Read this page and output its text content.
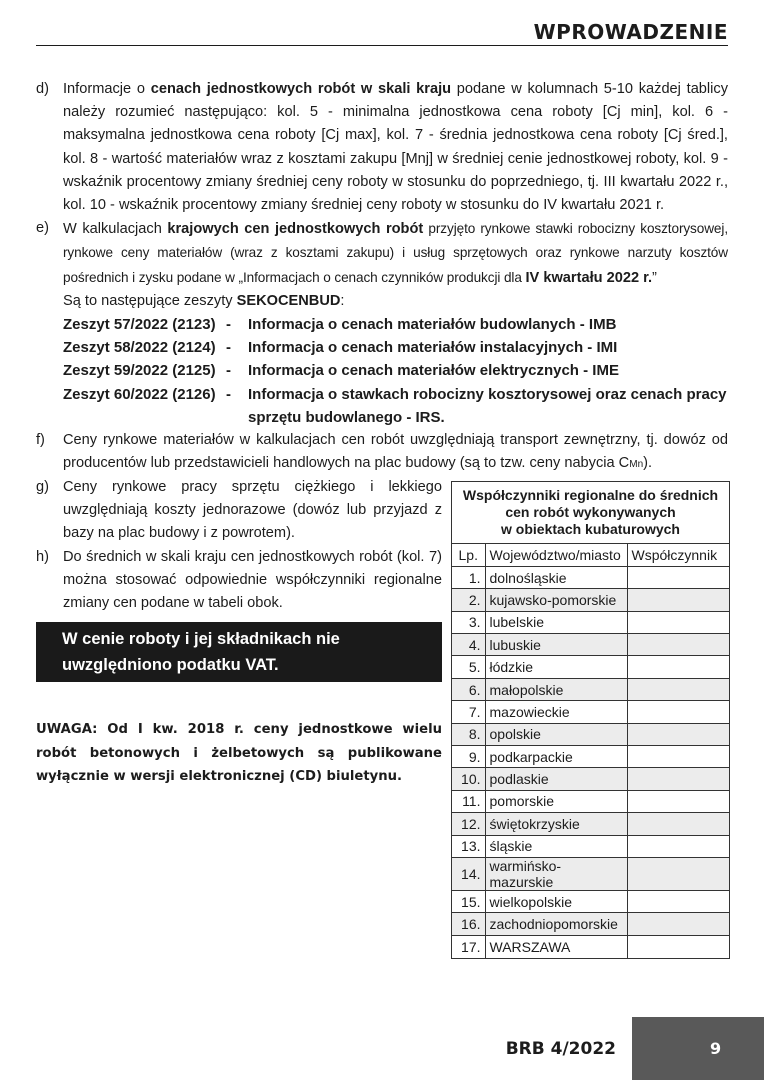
WPROWADZENIE

d) Informacje o cenach jednostkowych robót w skali kraju podane w kolumnach 5-10 każdej tablicy należy rozumieć następująco: kol. 5 - minimalna jednostkowa cena roboty [Cj min], kol. 6 - maksymalna jednostkowa cena roboty [Cj max], kol. 7 - średnia jednostkowa cena roboty [Cj śred.], kol. 8 - wartość materiałów wraz z kosztami zakupu [Mnj] w średniej cenie jednostkowej roboty, kol. 9 - wskaźnik procentowy zmiany średniej ceny roboty w stosunku do poprzedniego, tj. III kwartału 2022 r., kol. 10 - wskaźnik procentowy zmiany średniej ceny roboty w stosunku do IV kwartału 2021 r.

e) W kalkulacjach krajowych cen jednostkowych robót przyjęto rynkowe stawki robocizny kosztorysowej, rynkowe ceny materiałów (wraz z kosztami zakupu) i usług sprzętowych oraz rynkowe narzuty kosztów pośrednich i zysku podane w „Informacjach o cenach czynników produkcji dla IV kwartału 2022 r.”
Są to następujące zeszyty SEKOCENBUD:

Zeszyt 57/2022 (2123) -	Informacja o cenach materiałów budowlanych - IMB
Zeszyt 58/2022 (2124) -	Informacja o cenach materiałów instalacyjnych - IMI
Zeszyt 59/2022 (2125) -	Informacja o cenach materiałów elektrycznych - IME
Zeszyt 60/2022 (2126) -	Informacja o stawkach robocizny kosztorysowej oraz cenach pracy sprzętu budowlanego - IRS.

f) Ceny rynkowe materiałów w kalkulacjach cen robót uwzględniają transport zewnętrzny, tj. dowóz od producentów lub przedstawicieli handlowych na plac budowy (są to tzw. ceny nabycia CMn).

g) Ceny rynkowe pracy sprzętu ciężkiego i lekkiego uwzględniają koszty jednorazowe (dowóz lub przyjazd z bazy na plac budowy i z powrotem).

h) Do średnich w skali kraju cen jednostkowych robót (kol. 7) można stosować odpowiednie współczynniki regionalne zmiany cen podane w tabeli obok.

W cenie roboty i jej składnikach nie uwzględniono podatku VAT.
UWAGA: Od I kw. 2018 r. ceny jednostkowe wielu robót betonowych i żelbetowych są publikowane wyłącznie w wersji elektronicznej (CD) biuletynu.
Współczynniki regionalne do średnich
cen robót wykonywanych
w obiektach kubaturowych
Lp.	Województwo/miasto	Współczynnik
1.	dolnośląskie	
2.	kujawsko-pomorskie	
3.	lubelskie	
4.	lubuskie	
5.	łódzkie	
6.	małopolskie	
7.	mazowieckie	
8.	opolskie	
9.	podkarpackie	
10.	podlaskie	
11.	pomorskie	
12.	świętokrzyskie	
13.	śląskie	
14.	warmińsko-mazurskie	
15.	wielkopolskie	
16.	zachodniopomorskie	
17.	WARSZAWA	
BRB 4/2022	9
